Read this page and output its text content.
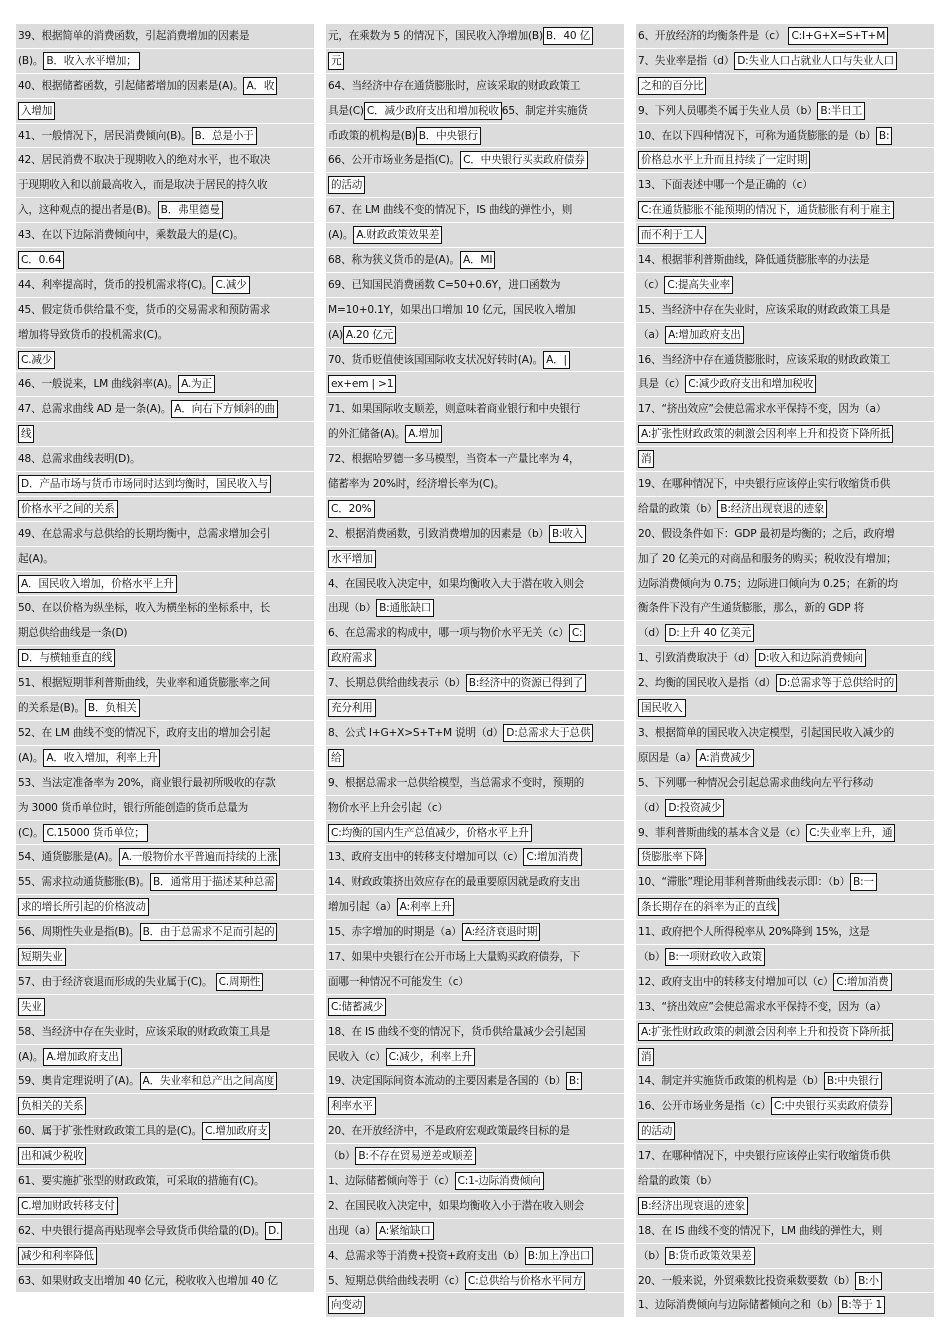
39、根据简单的消费函数，引起消费增加的因素是
(B)。 B．收入水平增加；
40、根据储蓄函数，引起储蓄增加的因素是(A)。 A．收
入增加
41、一般情况下，居民消费倾向(B)。 B．总是小于
42、居民消费不取决于现期收入的绝对水平，也不取决
于现期收入和以前最高收入，而是取决于居民的持久收
入，这种观点的提出者是(B)。 B．弗里德曼
43、在以下边际消费倾向中，乘数最大的是(C)。
C．0.64
44、利率提高时，货币的投机需求将(C)。 C.减少
45、假定货币供给量不变，货币的交易需求和预防需求
增加将导致货币的投机需求(C)。
C.减少
46、一般说来，LM 曲线斜率(A)。 A.为正
47、总需求曲线 AD 是一条(A)。 A．向右下方倾斜的曲
线
48、总需求曲线表明(D)。
D．产品市场与货币市场同时达到均衡时，国民收入与
价格水平之间的关系
49、在总需求与总供给的长期均衡中，总需求增加会引
起(A)。
A．国民收入增加，价格水平上升
50、在以价格为纵坐标，收入为横坐标的坐标系中，长
期总供给曲线是一条(D)
D．与横轴垂直的线
51、根据短期菲利普斯曲线，失业率和通货膨胀率之间
的关系是(B)。 B．负相关
52、在 LM 曲线不变的情况下，政府支出的增加会引起
(A)。 A．收入增加，利率上升
53、当法定准备率为 20%，商业银行最初所吸收的存款
为 3000 货币单位时，银行所能创造的货币总量为
(C)。 C.15000 货币单位；
54、通货膨胀是(A)。 A.一般物价水平普遍而持续的上涨
55、需求拉动通货膨胀(B)。 B．通常用于描述某种总需
求的增长所引起的价格波动
56、周期性失业是指(B)。 B．由于总需求不足而引起的
短期失业
57、由于经济衰退而形成的失业属于(C)。 C.周期性
失业
58、当经济中存在失业时，应该采取的财政政策工具是
(A)。 A.增加政府支出
59、奥肯定理说明了(A)。 A．失业率和总产出之间高度
负相关的关系
60、属于扩张性财政政策工具的是(C)。 C.增加政府支
出和减少税收
61、要实施扩张型的财政政策，可采取的措施有(C)。
C.增加财政转移支付
62、中央银行提高再贴现率会导致货币供给量的(D)。 D.
减少和利率降低
63、如果财政支出增加 40 亿元，税收收入也增加 40 亿
元，在乘数为 5 的情况下，国民收入净增加(B) B．40 亿
元
64、当经济中存在通货膨胀时，应该采取的财政政策工
具是(C) C．减少政府支出和增加税收 65、制定并实施货
币政策的机构是(B) B．中央银行
66、公开市场业务是指(C)。 C．中央银行买卖政府债券
的活动
67、在 LM 曲线不变的情况下，IS 曲线的弹性小，则
(A)。 A.财政政策效果差
68、称为狭义货币的是(A)。 A．MI
69、已知国民消费函数 C=50+0.6Y，进口函数为
M=10+0.1Y，如果出口增加 10 亿元，国民收入增加
(A) A.20 亿元
70、货币贬值使该国国际收支状况好转时(A)。 A．|
ex+em | >1
71、如果国际收支顺差，则意味着商业银行和中央银行
的外汇储备(A)。 A.增加
72、根据哈罗德一多马模型，当资本一产量比率为 4，
储蓄率为 20%时，经济增长率为(C)。
C．20%
2、根据消费函数，引致消费增加的因素是（b） B:收入
水平增加
4、在国民收入决定中，如果均衡收入大于潜在收入则会
出现（b） B:通胀缺口
6、在总需求的构成中，哪一项与物价水平无关（c） C:
政府需求
7、长期总供给曲线表示（b） B:经济中的资源已得到了
充分利用
8、公式 I+G+X>S+T+M 说明（d） D:总需求大于总供
给
9、根据总需求一总供给模型，当总需求不变时，预期的
物价水平上升会引起（c）
C:均衡的国内生产总值减少，价格水平上升
13、政府支出中的转移支付增加可以（c） C:增加消费
14、财政政策挤出效应存在的最重要原因就是政府支出
增加引起（a） A:利率上升
15、赤字增加的时期是（a） A:经济衰退时期
17、如果中央银行在公开市场上大量购买政府债券，下
面哪一种情况不可能发生（c）
C:储蓄减少
18、在 IS 曲线不变的情况下，货币供给量减少会引起国
民收入（c） C:减少，利率上升
19、决定国际间资本流动的主要因素是各国的（b） B:
利率水平
20、在开放经济中，不是政府宏观政策最终目标的是
（b） B:不存在贸易逆差或顺差
1、边际储蓄倾向等于（c） C:1-边际消费倾向
2、在国民收入决定中，如果均衡收入小于潜在收入则会
出现（a） A:紧缩缺口
4、总需求等于消费+投资+政府支出（b） B:加上净出口
5、短期总供给曲线表明（c） C:总供给与价格水平同方
向变动
6、开放经济的均衡条件是（c） C:I+G+X=S+T+M
7、失业率是指（d） D:失业人口占就业人口与失业人口
之和的百分比
9、下列人员哪类不属于失业人员（b） B:半日工
10、在以下四种情况下，可称为通货膨胀的是（b） B:
价格总水平上升而且持续了一定时期
13、下面表述中哪一个是正确的（c）
C:在通货膨胀不能预期的情况下，通货膨胀有利于雇主
而不利于工人
14、根据菲利普斯曲线，降低通货膨胀率的办法是
（c） C:提高失业率
15、当经济中存在失业时，应该采取的财政政策工具是
（a） A:增加政府支出
16、当经济中存在通货膨胀时，应该采取的财政政策工
具是（c） C:减少政府支出和增加税收
17、“挤出效应”会使总需求水平保持不变，因为（a）
A:扩张性财政政策的刺激会因利率上升和投资下降所抵
消
19、在哪种情况下，中央银行应该停止实行收缩货币供
给量的政策（b） B:经济出现衰退的迹象
20、假设条件如下：GDP 最初是均衡的；之后，政府增
加了 20 亿美元的对商品和服务的购买；税收没有增加；
边际消费倾向为 0.75；边际进口倾向为 0.25；在新的均
衡条件下没有产生通货膨胀，那么，新的 GDP 将
（d） D:上升 40 亿美元
1、引致消费取决于（d） D:收入和边际消费倾向
2、均衡的国民收入是指（d） D:总需求等于总供给时的
国民收入
3、根据简单的国民收入决定模型，引起国民收入减少的
原因是（a） A:消费减少
5、下列哪一种情况会引起总需求曲线向左平行移动
（d） D:投资减少
9、菲利普斯曲线的基本含义是（c） C:失业率上升，通
货膨胀率下降
10、“滞胀”理论用菲利普斯曲线表示即：（b） B:一
条长期存在的斜率为正的直线
11、政府把个人所得税率从 20%降到 15%，这是
（b） B:一项财政收入政策
12、政府支出中的转移支付增加可以（c） C:增加消费
13、“挤出效应”会使总需求水平保持不变，因为（a）
A:扩张性财政政策的刺激会因利率上升和投资下降所抵
消
14、制定并实施货币政策的机构是（b） B:中央银行
16、公开市场业务是指（c） C:中央银行买卖政府债券
的活动
17、在哪种情况下，中央银行应该停止实行收缩货币供
给量的政策（b）
B:经济出现衰退的迹象
18、在 IS 曲线不变的情况下，LM 曲线的弹性大，则
（b） B:货币政策效果差
20、一般来说，外贸乘数比投资乘数要数（b） B:小
1、边际消费倾向与边际储蓄倾向之和（b） B:等于 1
